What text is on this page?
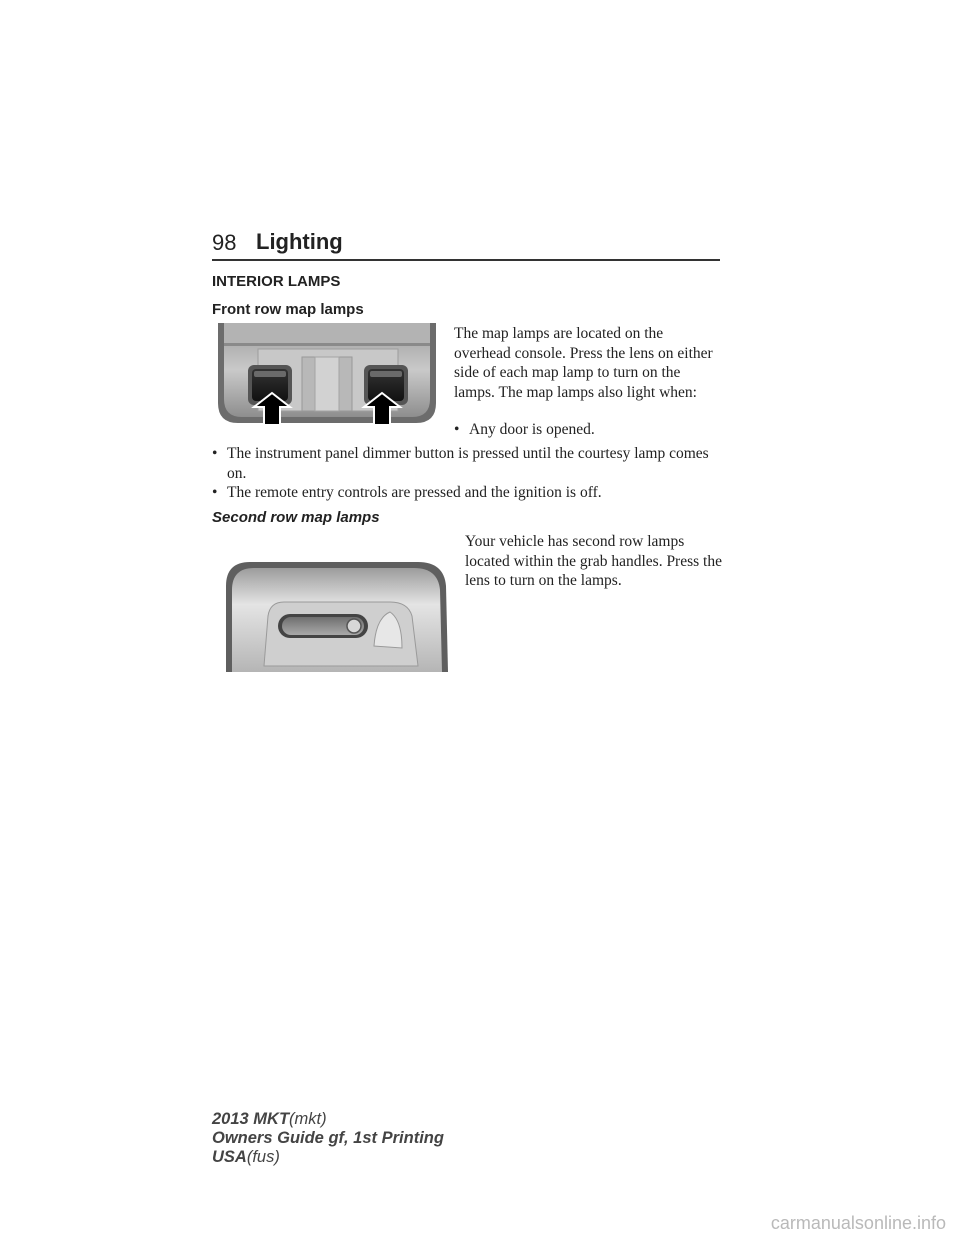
98 Lighting
INTERIOR LAMPS
Front row map lamps
The map lamps are located on the overhead console. Press the lens on either side of each map lamp to turn on the lamps. The map lamps also light when:
• Any door is opened.
• The instrument panel dimmer button is pressed until the courtesy lamp comes on.
• The remote entry controls are pressed and the ignition is off.
Second row map lamps
Your vehicle has second row lamps located within the grab handles. Press the lens to turn on the lamps.
2013 MKT(mkt)
Owners Guide gf, 1st Printing
USA(fus)
carmanualsonline.info
